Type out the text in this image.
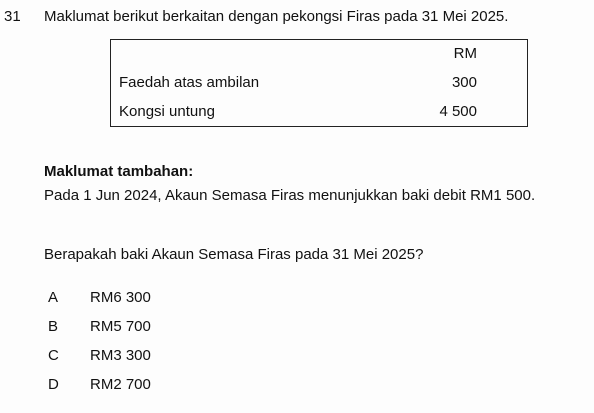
31 Maklumat berikut berkaitan dengan pekongsi Firas pada 31 Mei 2025.
RM
Faedah atas ambilan	300
Kongsi untung	4 500
Maklumat tambahan:
Pada 1 Jun 2024, Akaun Semasa Firas menunjukkan baki debit RM1 500.
Berapakah baki Akaun Semasa Firas pada 31 Mei 2025?
A RM6 300
B RM5 700
C RM3 300
D RM2 700
